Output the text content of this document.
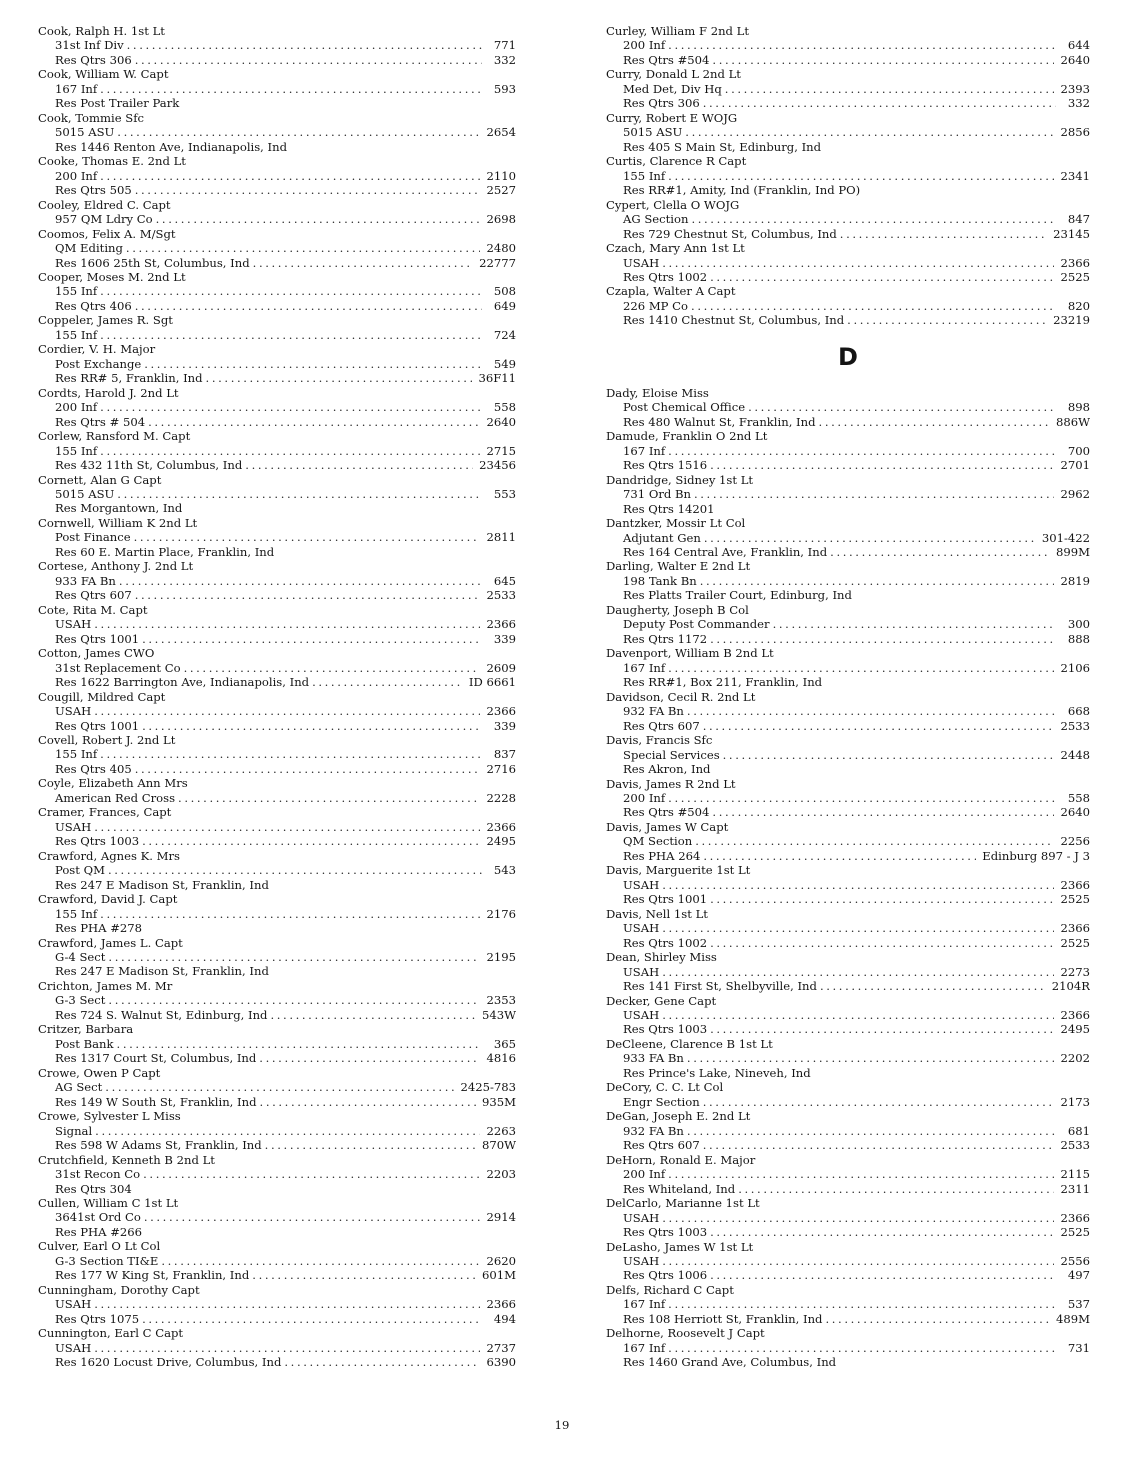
Cook, Ralph H. 1st Lt
31st Inf Div .....	771
Res Qtrs 306 .....	332
Cook, William W. Capt
167 Inf .....	593
Res Post Trailer Park
Cook, Tommie Sfc
5015 ASU .....	2654
Res 1446 Renton Ave, Indianapolis, Ind
Cooke, Thomas E. 2nd Lt
200 Inf .....	2110
Res Qtrs 505 .....	2527
Cooley, Eldred C. Capt
957 QM Ldry Co .....	2698
Coomos, Felix A. M/Sgt
QM Editing .....	2480
Res 1606 25th St, Columbus, Ind .....	22777
Cooper, Moses M. 2nd Lt
155 Inf .....	508
Res Qtrs 406 .....	649
Coppeler, James R. Sgt
155 Inf .....	724
Cordier, V. H. Major
Post Exchange .....	549
Res RR# 5, Franklin, Ind .....	36F11
Cordts, Harold J. 2nd Lt
200 Inf .....	558
Res Qtrs # 504 .....	2640
Corlew, Ransford M. Capt
155 Inf .....	2715
Res 432 11th St, Columbus, Ind .....	23456
Cornett, Alan G Capt
5015 ASU .....	553
Res Morgantown, Ind
Cornwell, William K 2nd Lt
Post Finance .....	2811
Res 60 E. Martin Place, Franklin, Ind
Cortese, Anthony J. 2nd Lt
933 FA Bn .....	645
Res Qtrs 607 .....	2533
Cote, Rita M. Capt
USAH .....	2366
Res Qtrs 1001 .....	339
Cotton, James CWO
31st Replacement Co .....	2609
Res 1622 Barrington Ave, Indianapolis, Ind .....	ID 6661
Cougill, Mildred Capt
USAH .....	2366
Res Qtrs 1001 .....	339
Covell, Robert J. 2nd Lt
155 Inf .....	837
Res Qtrs 405 .....	2716
Coyle, Elizabeth Ann Mrs
American Red Cross .....	2228
Cramer, Frances, Capt
USAH .....	2366
Res Qtrs 1003 .....	2495
Crawford, Agnes K. Mrs
Post QM .....	543
Res 247 E Madison St, Franklin, Ind
Crawford, David J. Capt
155 Inf .....	2176
Res PHA #278
Crawford, James L. Capt
G-4 Sect .....	2195
Res 247 E Madison St, Franklin, Ind
Crichton, James M. Mr
G-3 Sect .....	2353
Res 724 S. Walnut St, Edinburg, Ind .....	543W
Critzer, Barbara
Post Bank .....	365
Res 1317 Court St, Columbus, Ind .....	4816
Crowe, Owen P Capt
AG Sect .....	2425-783
Res 149 W South St, Franklin, Ind .....	935M
Crowe, Sylvester L Miss
Signal .....	2263
Res 598 W Adams St, Franklin, Ind .....	870W
Crutchfield, Kenneth B 2nd Lt
31st Recon Co .....	2203
Res Qtrs 304
Cullen, William C 1st Lt
3641st Ord Co .....	2914
Res PHA #266
Culver, Earl O Lt Col
G-3 Section TI&E .....	2620
Res 177 W King St, Franklin, Ind .....	601M
Cunningham, Dorothy Capt
USAH .....	2366
Res Qtrs 1075 .....	494
Cunnington, Earl C Capt
USAH .....	2737
Res 1620 Locust Drive, Columbus, Ind .....	6390
Curley, William F 2nd Lt
200 Inf .....	644
Res Qtrs #504 .....	2640
Curry, Donald L 2nd Lt
Med Det, Div Hq .....	2393
Res Qtrs 306 .....	332
Curry, Robert E WOJG
5015 ASU .....	2856
Res 405 S Main St, Edinburg, Ind
Curtis, Clarence R Capt
155 Inf .....	2341
Res RR#1, Amity, Ind (Franklin, Ind PO)
Cypert, Clella O WOJG
AG Section .....	847
Res 729 Chestnut St, Columbus, Ind .....	23145
Czach, Mary Ann 1st Lt
USAH .....	2366
Res Qtrs 1002 .....	2525
Czapla, Walter A Capt
226 MP Co .....	820
Res 1410 Chestnut St, Columbus, Ind .....	23219
D
Dady, Eloise Miss
Post Chemical Office .....	898
Res 480 Walnut St, Franklin, Ind .....	886W
Damude, Franklin O 2nd Lt
167 Inf .....	700
Res Qtrs 1516 .....	2701
Dandridge, Sidney 1st Lt
731 Ord Bn .....	2962
Res Qtrs 14201
Dantzker, Mossir Lt Col
Adjutant Gen .....	301-422
Res 164 Central Ave, Franklin, Ind .....	899M
Darling, Walter E 2nd Lt
198 Tank Bn .....	2819
Res Platts Trailer Court, Edinburg, Ind
Daugherty, Joseph B Col
Deputy Post Commander .....	300
Res Qtrs 1172 .....	888
Davenport, William B 2nd Lt
167 Inf .....	2106
Res RR#1, Box 211, Franklin, Ind
Davidson, Cecil R. 2nd Lt
932 FA Bn .....	668
Res Qtrs 607 .....	2533
Davis, Francis Sfc
Special Services .....	2448
Res Akron, Ind
Davis, James R 2nd Lt
200 Inf .....	558
Res Qtrs #504 .....	2640
Davis, James W Capt
QM Section .....	2256
Res PHA 264 .....	Edinburg 897 - J 3
Davis, Marguerite 1st Lt
USAH .....	2366
Res Qtrs 1001 .....	2525
Davis, Nell 1st Lt
USAH .....	2366
Res Qtrs 1002 .....	2525
Dean, Shirley Miss
USAH .....	2273
Res 141 First St, Shelbyville, Ind .....	2104R
Decker, Gene Capt
USAH .....	2366
Res Qtrs 1003 .....	2495
DeCleene, Clarence B 1st Lt
933 FA Bn .....	2202
Res Prince's Lake, Nineveh, Ind
DeCory, C. C. Lt Col
Engr Section .....	2173
DeGan, Joseph E. 2nd Lt
932 FA Bn .....	681
Res Qtrs 607 .....	2533
DeHorn, Ronald E. Major
200 Inf .....	2115
Res Whiteland, Ind .....	2311
DelCarlo, Marianne 1st Lt
USAH .....	2366
Res Qtrs 1003 .....	2525
DeLasho, James W 1st Lt
USAH .....	2556
Res Qtrs 1006 .....	497
Delfs, Richard C Capt
167 Inf .....	537
Res 108 Herriott St, Franklin, Ind .....	489M
Delhorne, Roosevelt J Capt
167 Inf .....	731
Res 1460 Grand Ave, Columbus, Ind
19
